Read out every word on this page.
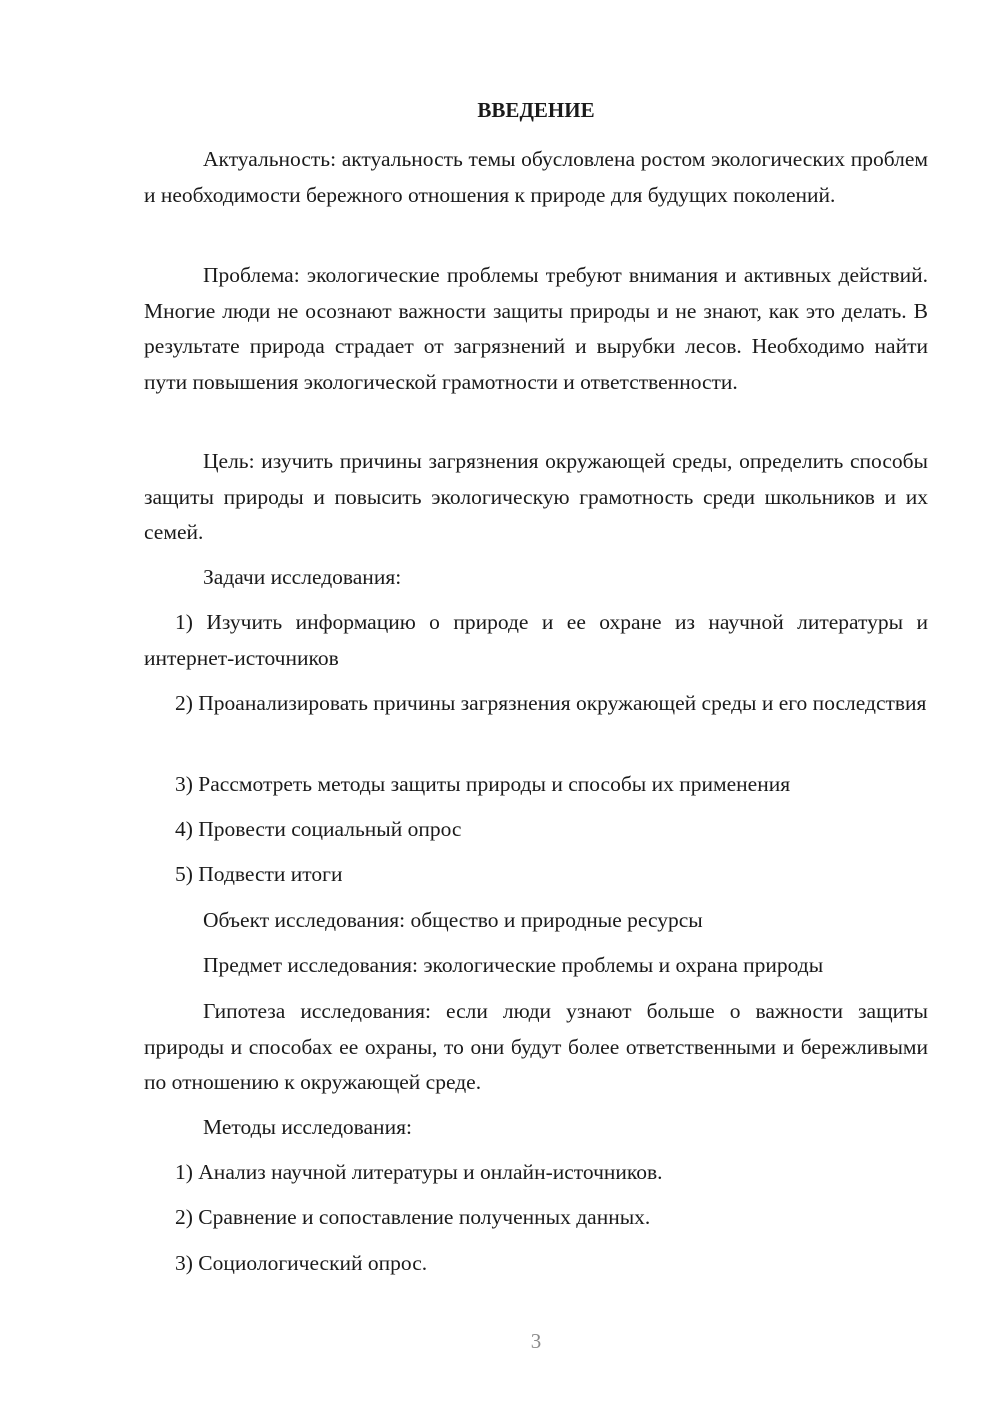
ВВЕДЕНИЕ

Актуальность: актуальность темы обусловлена ростом экологических проблем и необходимости бережного отношения к природе для будущих поколений.

Проблема: экологические проблемы требуют внимания и активных действий. Многие люди не осознают важности защиты природы и не знают, как это делать. В результате природа страдает от загрязнений и вырубки лесов. Необходимо найти пути повышения экологической грамотности и ответственности.

Цель: изучить причины загрязнения окружающей среды, определить способы защиты природы и повысить экологическую грамотность среди школьников и их семей.

Задачи исследования:

1) Изучить информацию о природе и ее охране из научной литературы и интернет-источников

2) Проанализировать причины загрязнения окружающей среды и его последствия

3) Рассмотреть методы защиты природы и способы их применения

4) Провести социальный опрос

5) Подвести итоги

Объект исследования: общество и природные ресурсы

Предмет исследования: экологические проблемы и охрана природы

Гипотеза исследования: если люди узнают больше о важности защиты природы и способах ее охраны, то они будут более ответственными и бережливыми по отношению к окружающей среде.

Методы исследования:

1) Анализ научной литературы и онлайн-источников.

2) Сравнение и сопоставление полученных данных.

3) Социологический опрос.

3
